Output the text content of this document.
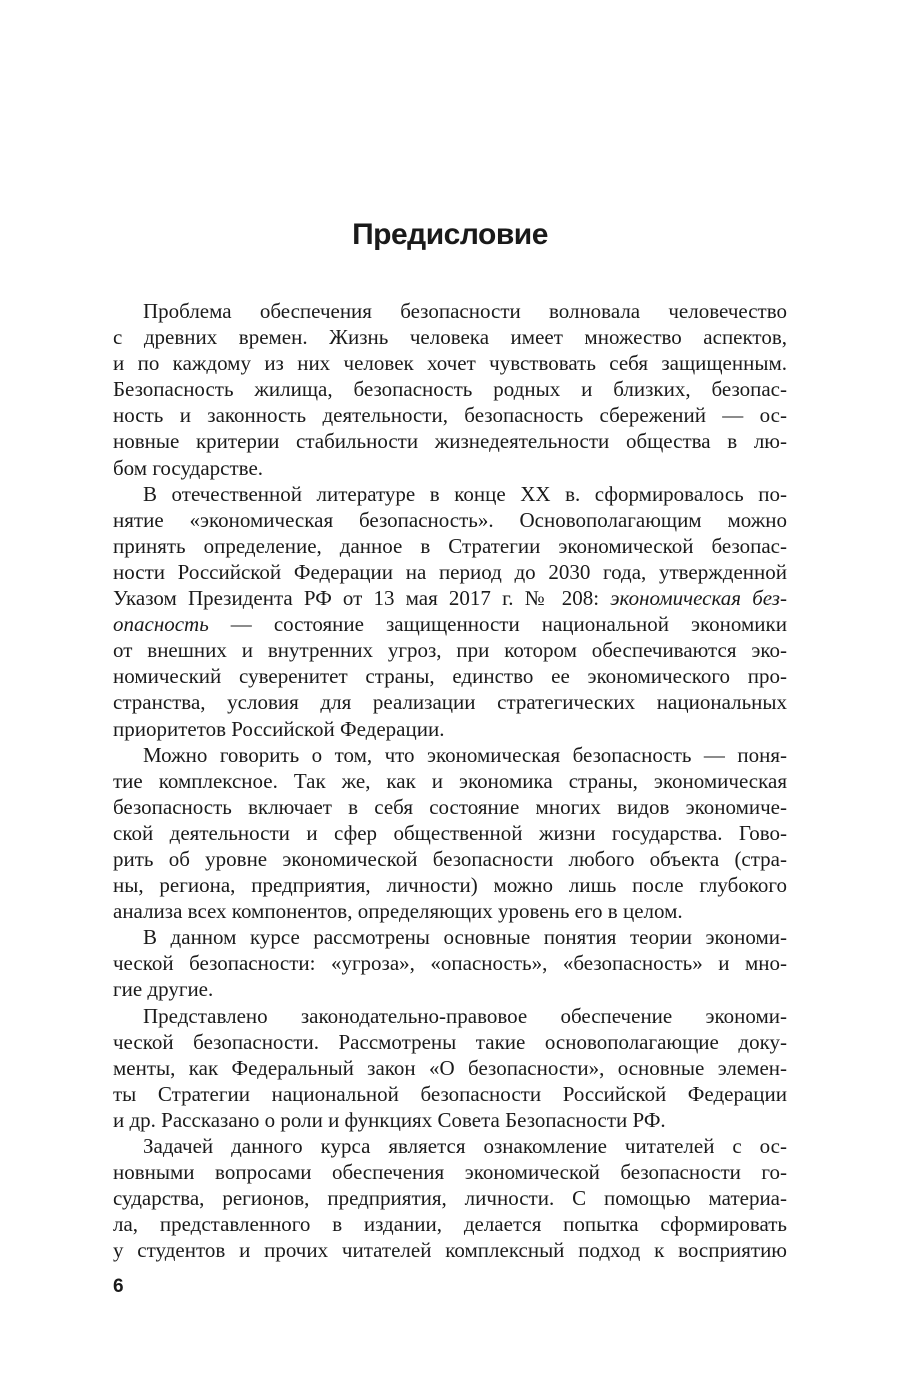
Предисловие
Проблема обеспечения безопасности волновала человечество
с древних времен. Жизнь человека имеет множество аспектов,
и по каждому из них человек хочет чувствовать себя защищенным.
Безопасность жилища, безопасность родных и близких, безопас-
ность и законность деятельности, безопасность сбережений — ос-
новные критерии стабильности жизнедеятельности общества в лю-
бом государстве.
В отечественной литературе в конце XX в. сформировалось по-
нятие «экономическая безопасность». Основополагающим можно
принять определение, данное в Стратегии экономической безопас-
ности Российской Федерации на период до 2030 года, утвержденной
Указом Президента РФ от 13 мая 2017 г. № 208: экономическая без-
опасность — состояние защищенности национальной экономики
от внешних и внутренних угроз, при котором обеспечиваются эко-
номический суверенитет страны, единство ее экономического про-
странства, условия для реализации стратегических национальных
приоритетов Российской Федерации.
Можно говорить о том, что экономическая безопасность — поня-
тие комплексное. Так же, как и экономика страны, экономическая
безопасность включает в себя состояние многих видов экономиче-
ской деятельности и сфер общественной жизни государства. Гово-
рить об уровне экономической безопасности любого объекта (стра-
ны, региона, предприятия, личности) можно лишь после глубокого
анализа всех компонентов, определяющих уровень его в целом.
В данном курсе рассмотрены основные понятия теории экономи-
ческой безопасности: «угроза», «опасность», «безопасность» и мно-
гие другие.
Представлено законодательно-правовое обеспечение экономи-
ческой безопасности. Рассмотрены такие основополагающие доку-
менты, как Федеральный закон «О безопасности», основные элемен-
ты Стратегии национальной безопасности Российской Федерации
и др. Рассказано о роли и функциях Совета Безопасности РФ.
Задачей данного курса является ознакомление читателей с ос-
новными вопросами обеспечения экономической безопасности го-
сударства, регионов, предприятия, личности. С помощью материа-
ла, представленного в издании, делается попытка сформировать
у студентов и прочих читателей комплексный подход к восприятию
6
